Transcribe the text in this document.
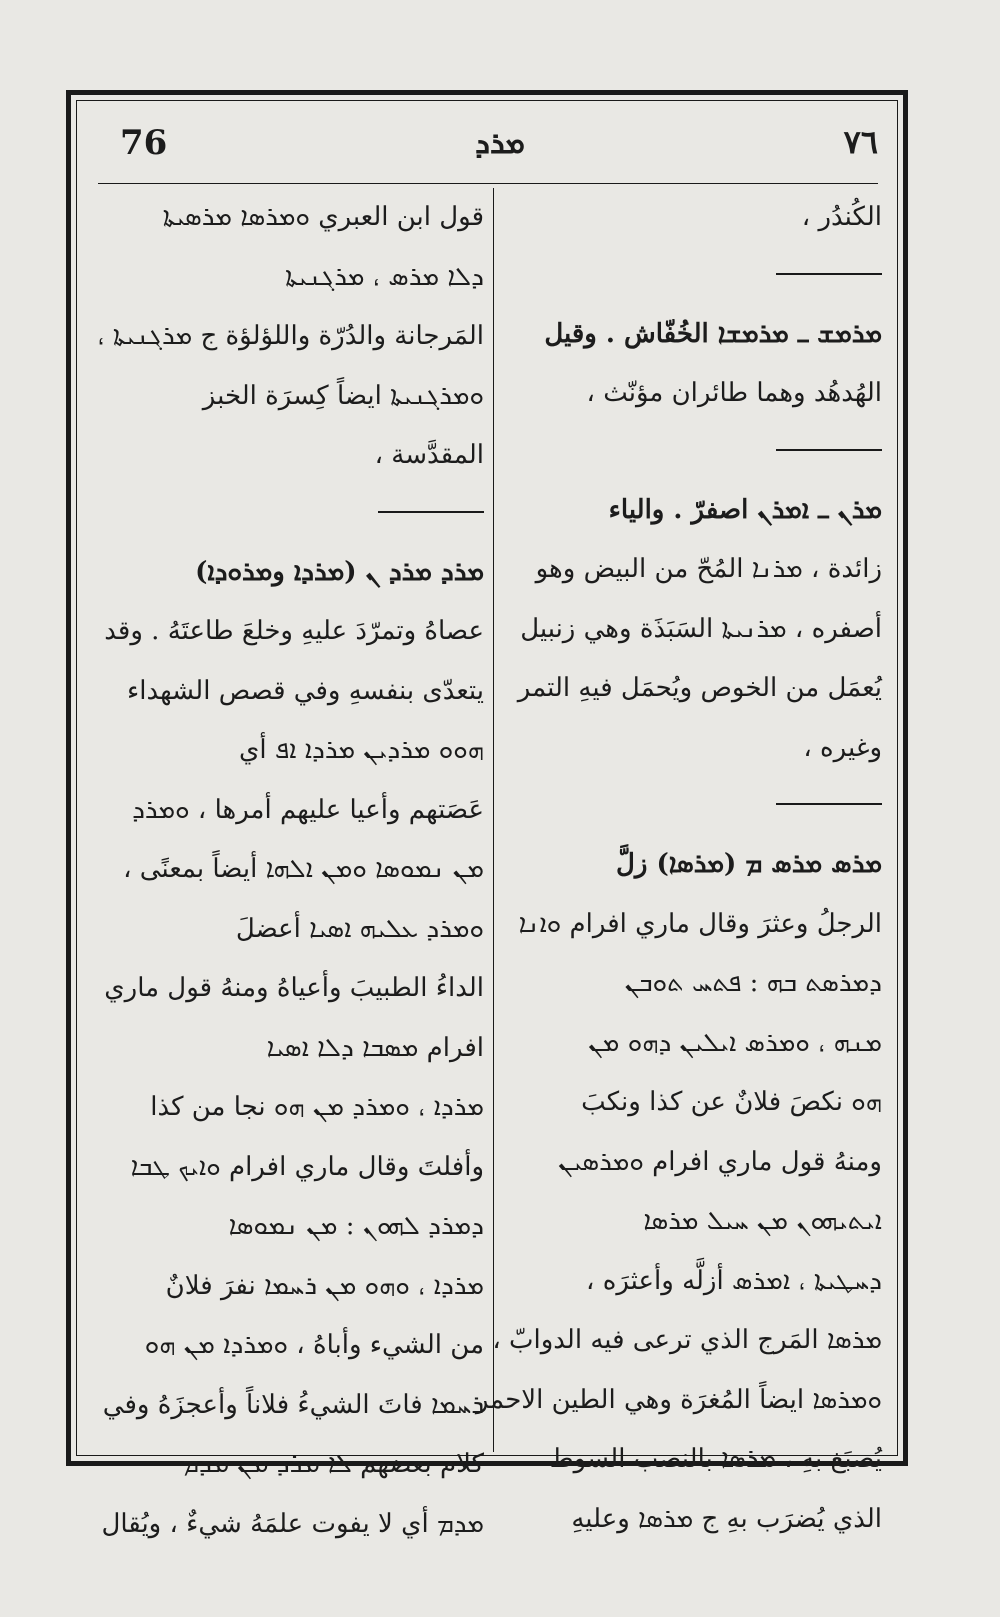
76	ܡܪܕ	٧٦
الكُندُر ،
ܡܪܡܫ ـ ܡܪܡܫܐ الخُفّاش . وقيل
الهُدهُد وهما طائران مؤنّث ،
ܡܪܢ ـ ܐܡܪܢ اصفرّ . والياء
زائدة ، ܡܪܢܐ المُحّ من البيض وهو
أصفره ، ܡܪܢܝܬܐ السَبَذَة وهي زنبيل
يُعمَل من الخوص ويُحمَل فيهِ التمر
وغيره ،
ܡܪܣ ܡܪܣ ܡ (ܡܪܣܐ) زلَّ
الرجلُ وعثرَ وقال ماري افرام ܘܐܢܐ
ܕܡܪܣܬ ܒܗ : ܦܬܚ ܬܘܒܢ
ܡܢܗ ، ܘܡܪܣ ܐܝܠܝܢ ܕܗܘ ܡܢ
ܗܘ نكصَ فلانٌ عن كذا ونكبَ
ومنهُ قول ماري افرام ܘܡܪܣܝܢ
ܐܝܬܝܗܘܢ ܡܢ ܚܝܠ ܡܪܣܐ
ܕܚܛܝܬܐ ، ܐܡܪܣ أزلَّه وأعثرَه ،
ܡܪܣܐ المَرج الذي ترعى فيه الدوابّ ،
ܘܡܪܣܐ ايضاً المُغرَة وهي الطين الاحمر
يُصبَغ بهِ ، ܡܪܣܐ بالنصب السوط
الذي يُضرَب بهِ ج ܡܪܣܐ وعليهِ
قول ابن العبري ܘܡܪܣܐ ܡܪܣܝܬܐ
ܕܠܐ ܡܪܣ ، ܡܪܓܢܝܬܐ
المَرجانة والدُرّة واللؤلؤة ج ܡܪܓܢܝܬܐ ،
ܘܡܪܓܢܝܬܐ ايضاً كِسرَة الخبز
المقدَّسة ،
ܡܪܕ ܡܪܕ ܢ (ܡܪܕܐ وܡܪܘܕܐ)
عصاهُ وتمرّدَ عليهِ وخلعَ طاعتَهُ . وقد
يتعدّى بنفسهِ وفي قصص الشهداء
ܗܘܘ ܡܪܕܝܢ ܡܪܕܐ ܐܦ أي
عَصَتهم وأعيا عليهم أمرها ، ܘܡܪܕ
ܡܢ ܢܡܘܣܐ ܘܡܢ ܐܠܗܐ أيضاً بمعنًى ،
ܘܡܪܕ ܥܠܝܗ ܐܣܝܐ أعضلَ
الداءُ الطبيبَ وأعياهُ ومنهُ قول ماري
افرام ܡܣܒܐ ܕܠܐ ܐܣܝܐ
ܡܪܕܐ ، ܘܡܪܕ ܡܢ ܗܘ نجا من كذا
وأفلتَ وقال ماري افرام ܘܐܝܟ ܛܒܐ
ܕܡܪܕ ܠܗܘܢ : ܡܢ ܢܡܘܣܐ
ܡܪܕܐ ، ܘܗܘ ܡܢ ܪܚܡܐ نفرَ فلانٌ
من الشيء وأباهُ ، ܘܡܪܕܐ ܡܢ ܗܘ
ܪܚܡܐ فاتَ الشيءُ فلاناً وأعجزَهُ وفي
كلام بعضهم ܠܐ ܡܪܕ ܡܢ ܡܕܡ
ܡܕܡ أي لا يفوت علمَهُ شيءٌ ، ويُقال
